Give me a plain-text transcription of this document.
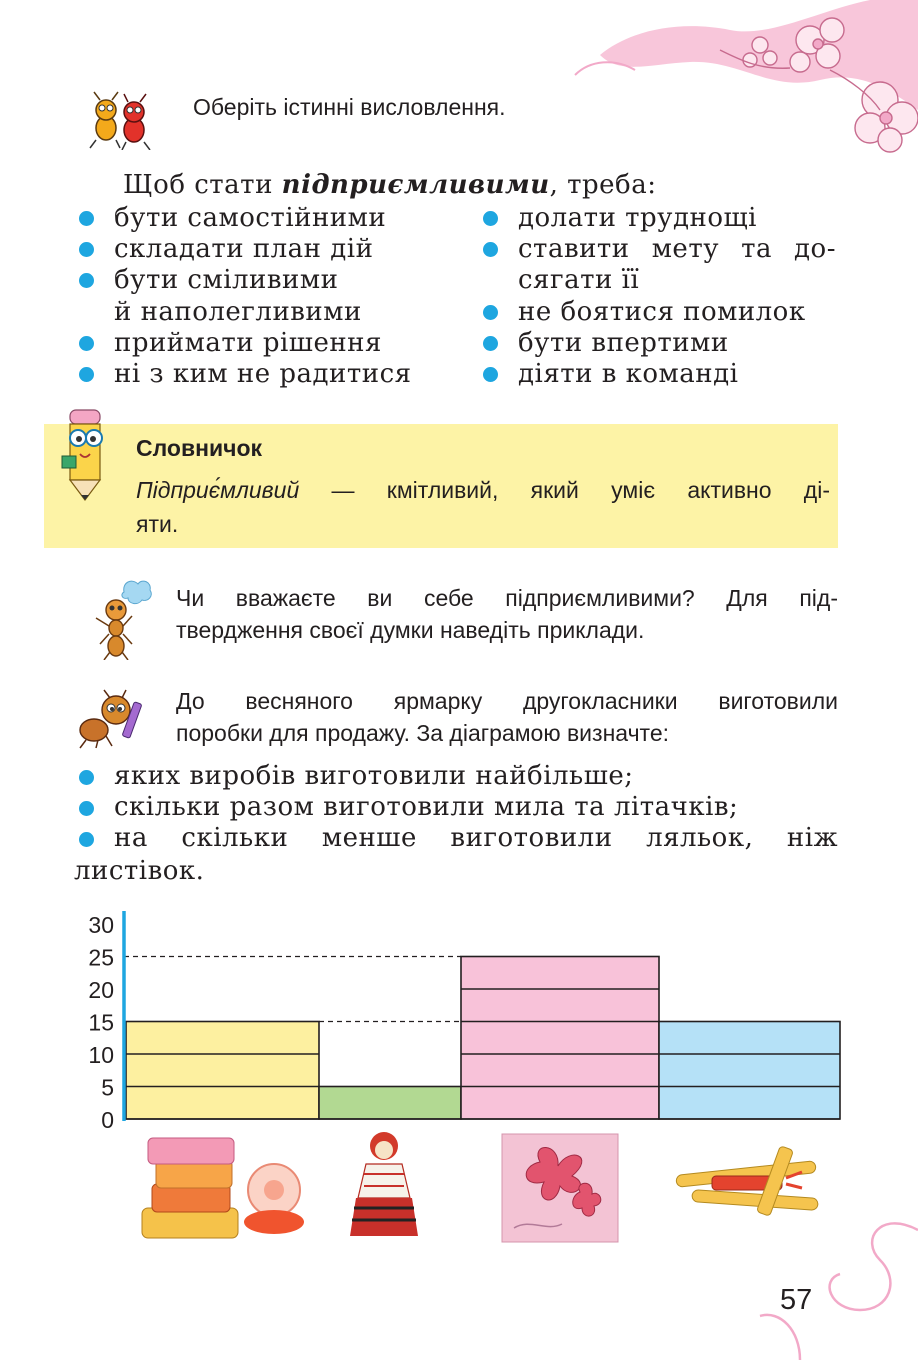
Оберіть істинні висловлення.
Щоб стати підприємливими, треба:
бути самостійними
складати план дій
бути сміливими
й наполегливими
приймати рішення
ні з ким не радитися
долати труднощі
ставити мету та до-
сягати її
не боятися помилок
бути впертими
діяти в команді
Словничок
Підприє́мливий — кмітливий, який уміє активно ді-
яти.
Чи вважаєте ви себе підприємливими? Для під-
твердження своєї думки наведіть приклади.
До весняного ярмарку другокласники виготовили
поробки для продажу. За діаграмою визначте:
яких виробів виготовили найбільше;
скільки разом виготовили мила та літачків;
на скільки менше виготовили ляльок, ніж
листівок.
0
5
10
15
20
25
30
57
